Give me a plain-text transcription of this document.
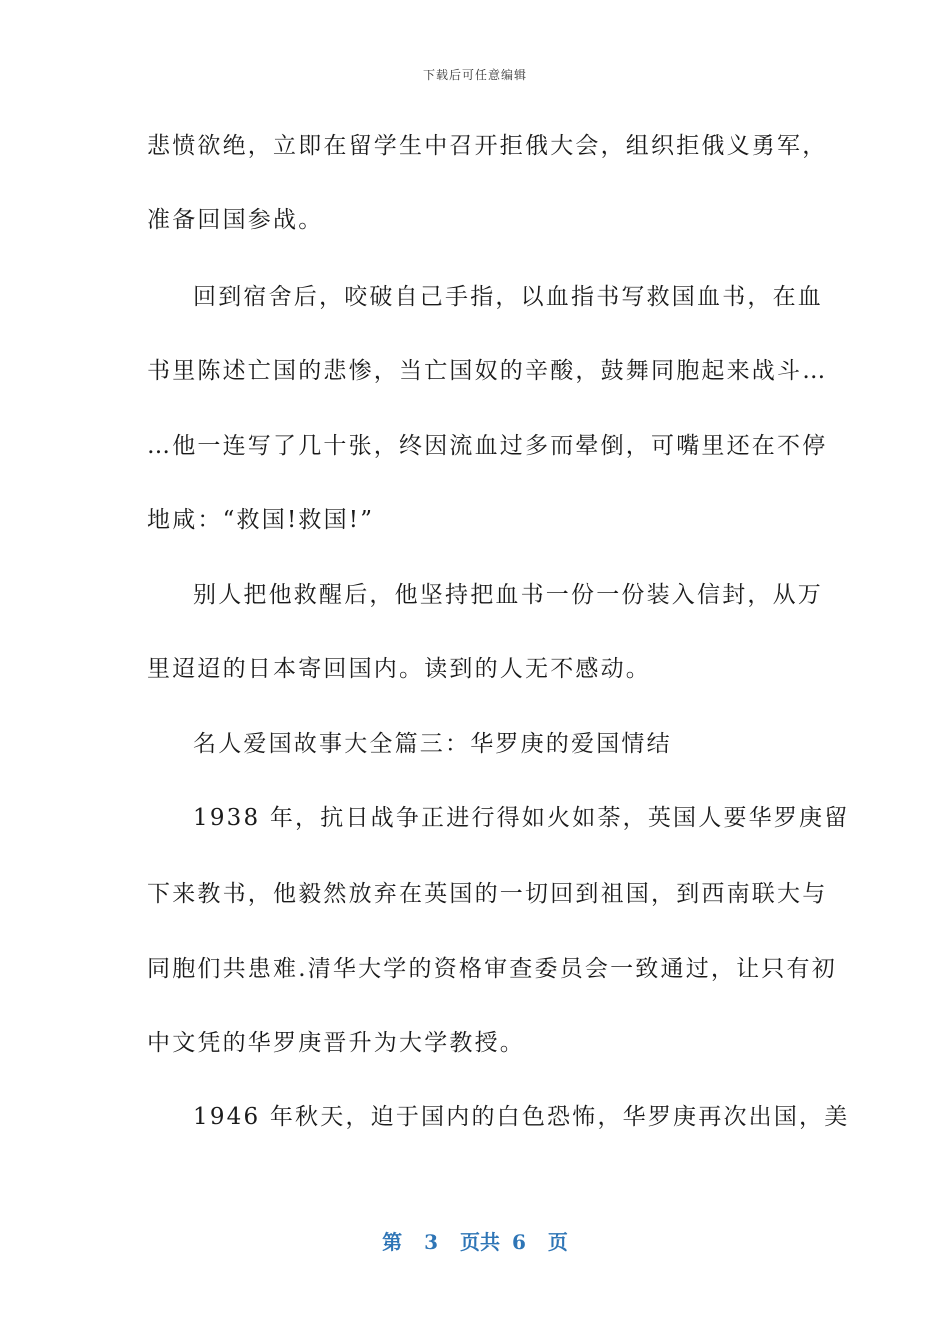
下载后可任意编辑
悲愤欲绝，立即在留学生中召开拒俄大会，组织拒俄义勇军，
准备回国参战。
回到宿舍后，咬破自己手指，以血指书写救国血书，在血
书里陈述亡国的悲惨，当亡国奴的辛酸，鼓舞同胞起来战斗…
…他一连写了几十张，终因流血过多而晕倒，可嘴里还在不停
地咸：“救国!救国!”
别人把他救醒后，他坚持把血书一份一份装入信封，从万
里迢迢的日本寄回国内。读到的人无不感动。
名人爱国故事大全篇三：华罗庚的爱国情结
1938 年，抗日战争正进行得如火如荼，英国人要华罗庚留
下来教书，他毅然放弃在英国的一切回到祖国，到西南联大与
同胞们共患难.清华大学的资格审查委员会一致通过，让只有初
中文凭的华罗庚晋升为大学教授。
1946 年秋天，迫于国内的白色恐怖，华罗庚再次出国，美
第 3 页共 6 页
